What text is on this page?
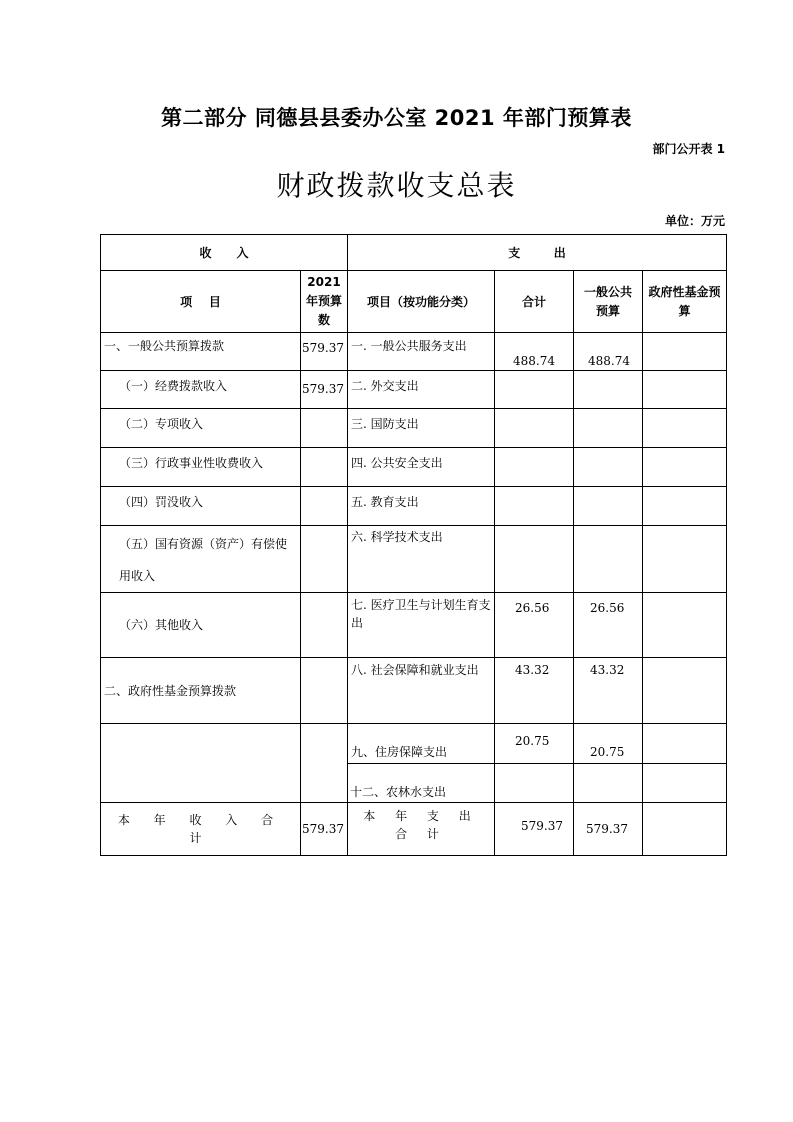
第二部分 同德县县委办公室 2021 年部门预算表
部门公开表 1
财政拨款收支总表
单位：万元
收      入		支        出			
项    目	2021 年预算数	项目（按功能分类）	合计	一般公共预算	政府性基金预算
一、一般公共预算拨款	579.37	一. 一般公共服务支出	488.74	488.74	
（一）经费拨款收入	579.37	二. 外交支出			
（二）专项收入		三. 国防支出			
（三）行政事业性收费收入		四. 公共安全支出			
（四）罚没收入		五. 教育支出			
（五）国有资源（资产）有偿使用收入		六. 科学技术支出			
（六）其他收入		七. 医疗卫生与计划生育支出	26.56	26.56	
二、政府性基金预算拨款		八. 社会保障和就业支出	43.32	43.32	
		九、住房保障支出	20.75	20.75	
		十二、农林水支出			
本 年 收 入 合 计	579.37	本 年 支 出 合 计	579.37	579.37	
